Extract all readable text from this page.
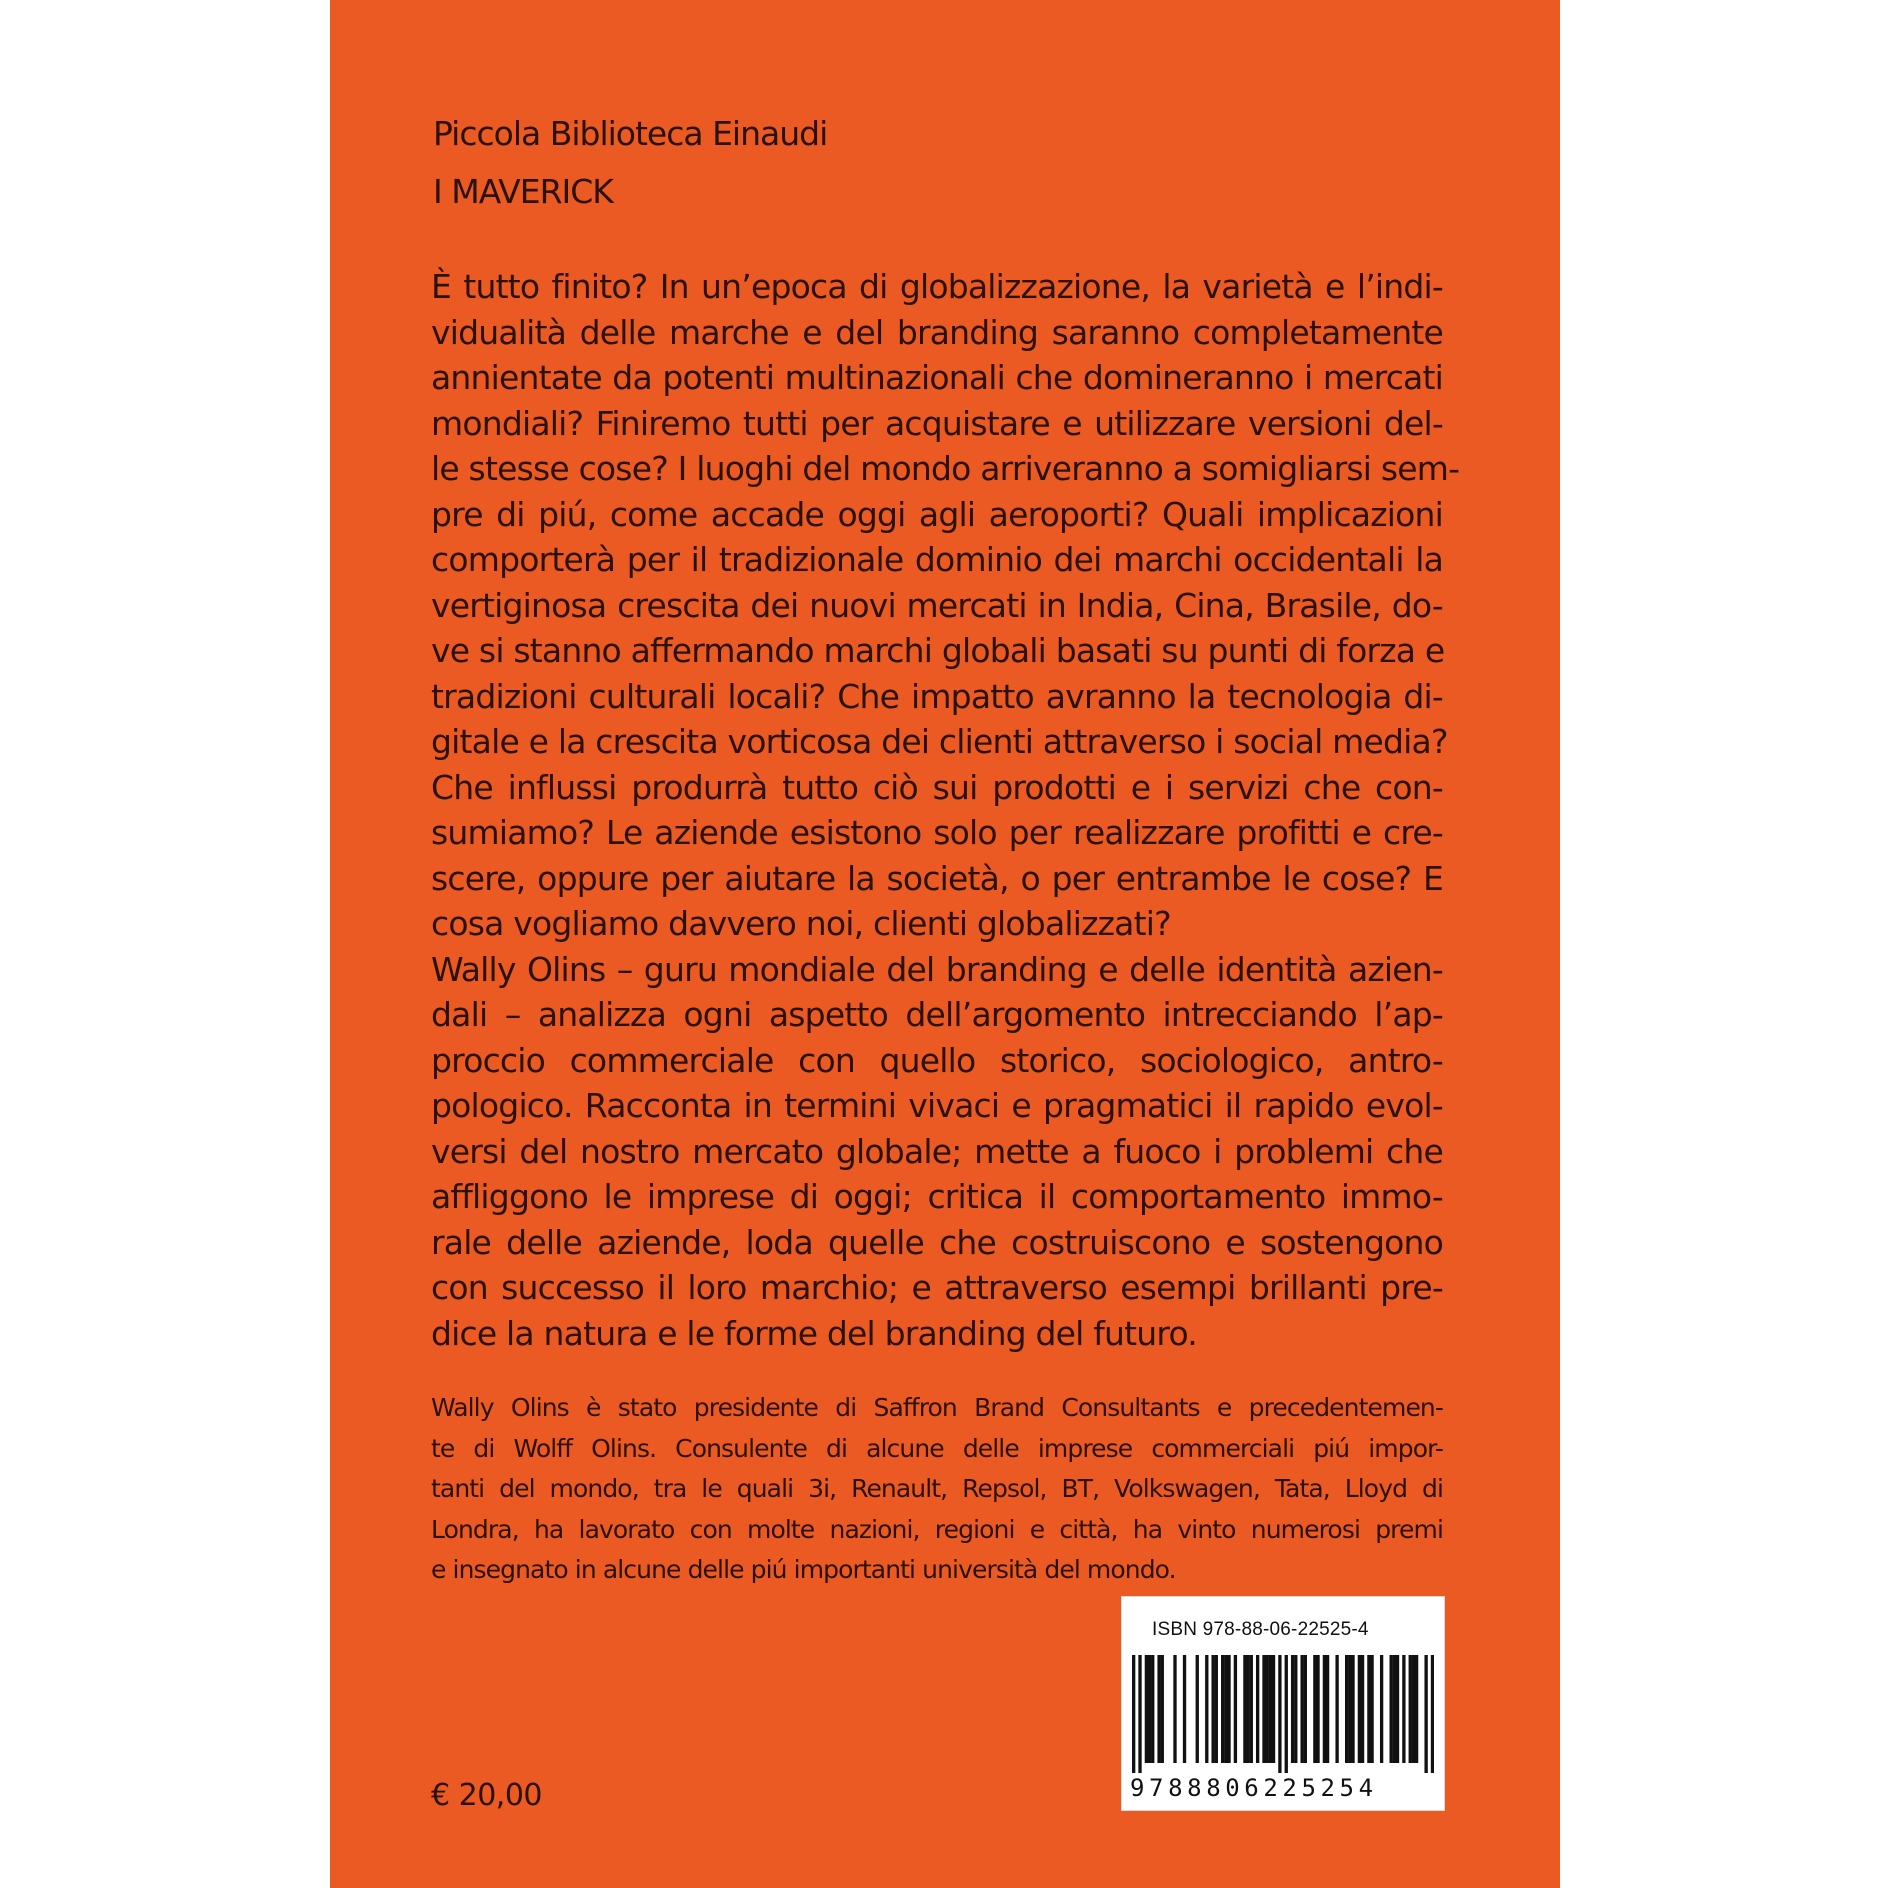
Piccola Biblioteca Einaudi
I MAVERICK
È tutto finito? In un’epoca di globalizzazione, la varietà e l’indi-
vidualità delle marche e del branding saranno completamente
annientate da potenti multinazionali che domineranno i mercati
mondiali? Finiremo tutti per acquistare e utilizzare versioni del-
le stesse cose? I luoghi del mondo arriveranno a somigliarsi sem-
pre di piú, come accade oggi agli aeroporti? Quali implicazioni
comporterà per il tradizionale dominio dei marchi occidentali la
vertiginosa crescita dei nuovi mercati in India, Cina, Brasile, do-
ve si stanno affermando marchi globali basati su punti di forza e
tradizioni culturali locali? Che impatto avranno la tecnologia di-
gitale e la crescita vorticosa dei clienti attraverso i social media?
Che influssi produrrà tutto ciò sui prodotti e i servizi che con-
sumiamo? Le aziende esistono solo per realizzare profitti e cre-
scere, oppure per aiutare la società, o per entrambe le cose? E
cosa vogliamo davvero noi, clienti globalizzati?
Wally Olins – guru mondiale del branding e delle identità azien-
dali – analizza ogni aspetto dell’argomento intrecciando l’ap-
proccio commerciale con quello storico, sociologico, antro-
pologico. Racconta in termini vivaci e pragmatici il rapido evol-
versi del nostro mercato globale; mette a fuoco i problemi che
affliggono le imprese di oggi; critica il comportamento immo-
rale delle aziende, loda quelle che costruiscono e sostengono
con successo il loro marchio; e attraverso esempi brillanti pre-
dice la natura e le forme del branding del futuro.
Wally Olins è stato presidente di Saffron Brand Consultants e precedentemen-
te di Wolff Olins. Consulente di alcune delle imprese commerciali piú impor-
tanti del mondo, tra le quali 3i, Renault, Repsol, BT, Volkswagen, Tata, Lloyd di
Londra, ha lavorato con molte nazioni, regioni e città, ha vinto numerosi premi
e insegnato in alcune delle piú importanti università del mondo.
€ 20,00
ISBN 978-88-06-22525-4
9788806225254
